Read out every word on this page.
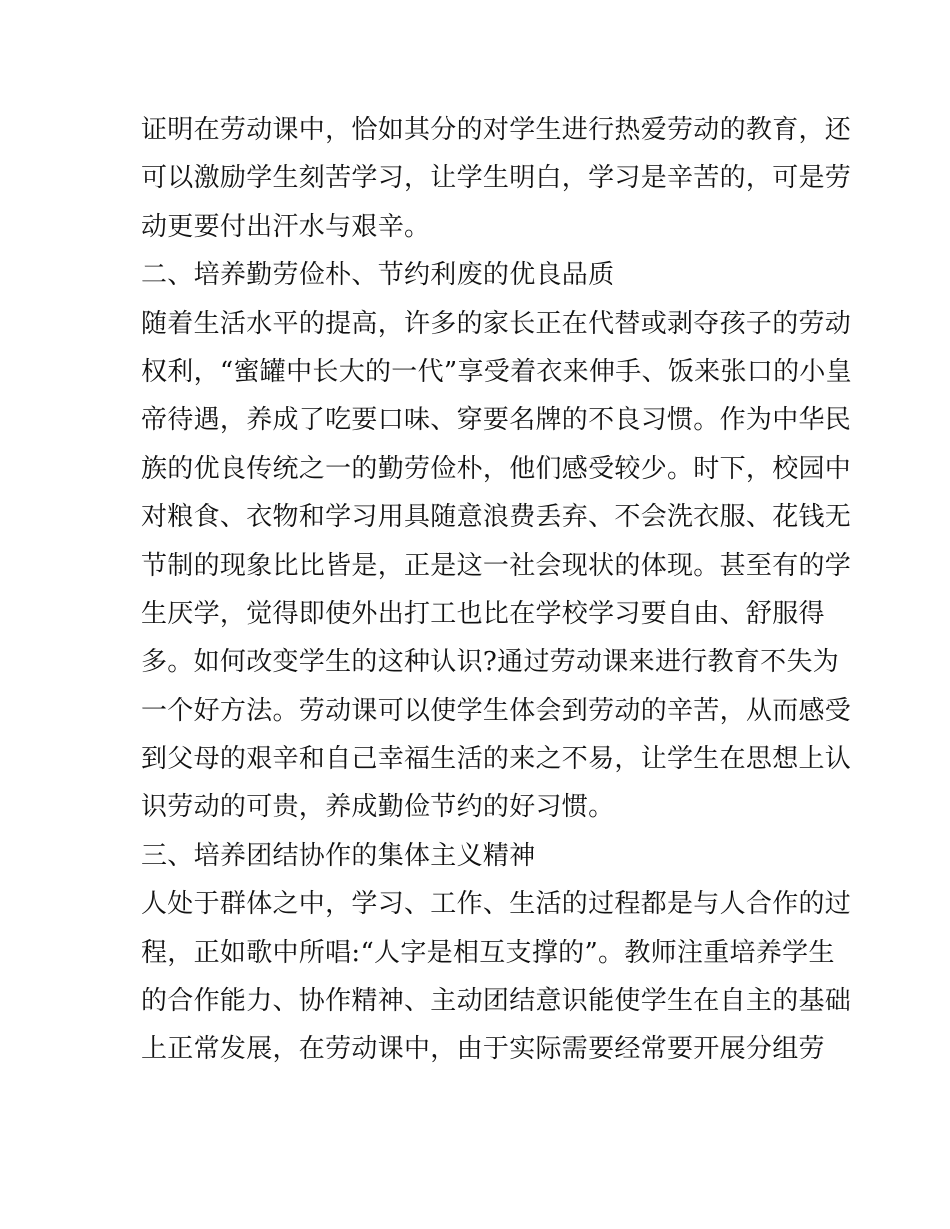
证明在劳动课中，恰如其分的对学生进行热爱劳动的教育，还
可以激励学生刻苦学习，让学生明白，学习是辛苦的，可是劳
动更要付出汗水与艰辛。
二、培养勤劳俭朴、节约利废的优良品质
随着生活水平的提高，许多的家长正在代替或剥夺孩子的劳动
权利，“蜜罐中长大的一代”享受着衣来伸手、饭来张口的小皇
帝待遇，养成了吃要口味、穿要名牌的不良习惯。作为中华民
族的优良传统之一的勤劳俭朴，他们感受较少。时下，校园中
对粮食、衣物和学习用具随意浪费丢弃、不会洗衣服、花钱无
节制的现象比比皆是，正是这一社会现状的体现。甚至有的学
生厌学，觉得即使外出打工也比在学校学习要自由、舒服得
多。如何改变学生的这种认识?通过劳动课来进行教育不失为
一个好方法。劳动课可以使学生体会到劳动的辛苦，从而感受
到父母的艰辛和自己幸福生活的来之不易，让学生在思想上认
识劳动的可贵，养成勤俭节约的好习惯。
三、培养团结协作的集体主义精神
人处于群体之中，学习、工作、生活的过程都是与人合作的过
程，正如歌中所唱:“人字是相互支撑的”。教师注重培养学生
的合作能力、协作精神、主动团结意识能使学生在自主的基础
上正常发展，在劳动课中，由于实际需要经常要开展分组劳
